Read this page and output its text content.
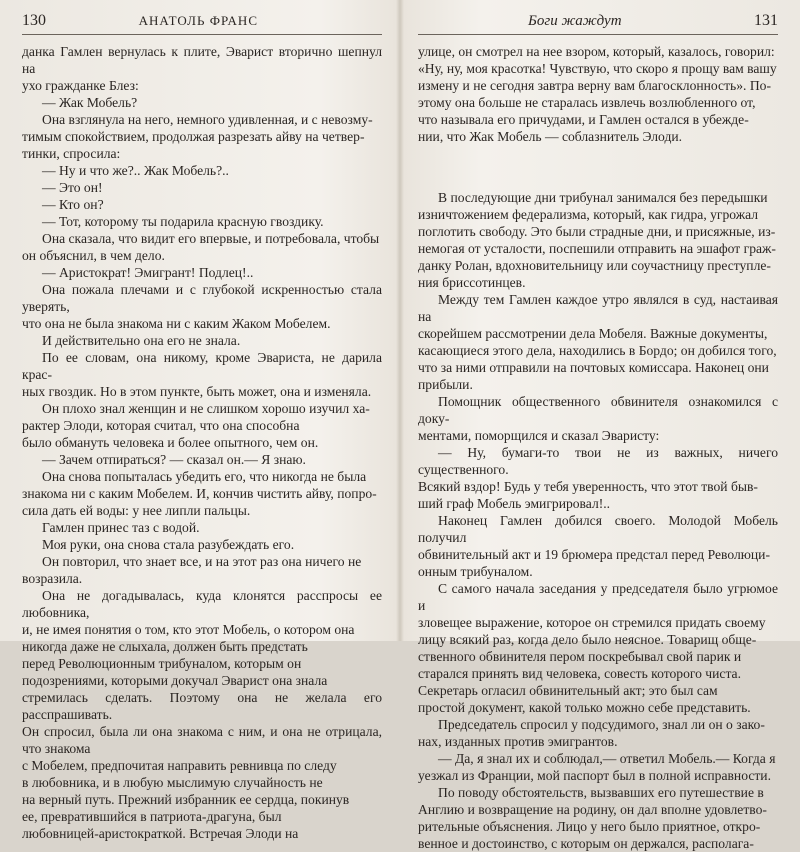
130	АНАТОЛЬ ФРАНС

данка Гамлен вернулась к плите, Эварист вторично шепнул на

ухо гражданке Блез:

— Жак Мобель?

Она взглянула на него, немного удивленная, и с невозму-

тимым спокойствием, продолжая разрезать айву на четвер-

тинки, спросила:

— Ну и что же?.. Жак Мобель?..

— Это он!

— Кто он?

— Тот, которому ты подарила красную гвоздику.

Она сказала, что видит его впервые, и потребовала, чтобы

он объяснил, в чем дело.

— Аристократ! Эмигрант! Подлец!..

Она пожала плечами и с глубокой искренностью стала уверять,

что она не была знакома ни с каким Жаком Мобелем.

И действительно она его не знала.

По ее словам, она никому, кроме Эвариста, не дарила крас-

ных гвоздик. Но в этом пункте, быть может, она и изменяла.

Он плохо знал женщин и не слишком хорошо изучил ха-

рактер Элоди, которая считал, что она способна

было обмануть человека и более опытного, чем он.

— Зачем отпираться? — сказал он.— Я знаю.

Она снова попыталась убедить его, что никогда не была

знакома ни с каким Мобелем. И, кончив чистить айву, попро-

сила дать ей воды: у нее липли пальцы.

Гамлен принес таз с водой.

Моя руки, она снова стала разубеждать его.

Он повторил, что знает все, и на этот раз она ничего не

возразила.

Она не догадывалась, куда клонятся расспросы ее любовника,

и, не имея понятия о том, кто этот Мобель, о котором она

никогда даже не слыхала, должен быть предстать

перед Революционным трибуналом, которым он

подозрениями, которыми докучал Эварист она знала

стремилась сделать. Поэтому она не желала его расспрашивать.

Он спросил, была ли она знакома с ним, и она не отрицала, что знакома

с Мобелем, предпочитая направить ревнивца по следу

в любовника, и в любую мыслимую случайность не

на верный путь. Прежний избранник ее сердца, покинув

ее, превратившийся в патриота-драгуна, был

любовницей-аристократкой. Встречая Элоди на

Боги жаждут	131

улице, он смотрел на нее взором, который, казалось, говорил:

«Ну, ну, моя красотка! Чувствую, что скоро я прощу вам вашу

измену и не сегодня завтра верну вам благосклонность». По-

этому она больше не старалась извлечь возлюбленного от,

что называла его причудами, и Гамлен остался в убежде-

нии, что Жак Мобель — соблазнитель Элоди.

В последующие дни трибунал занимался без передышки

изничтожением федерализма, который, как гидра, угрожал

поглотить свободу. Это были страдные дни, и присяжные, из-

немогая от усталости, поспешили отправить на эшафот граж-

данку Ролан, вдохновительницу или соучастницу преступле-

ния бриссотинцев.

Между тем Гамлен каждое утро являлся в суд, настаивая на

скорейшем рассмотрении дела Мобеля. Важные документы,

касающиеся этого дела, находились в Бордо; он добился того,

что за ними отправили на почтовых комиссара. Наконец они

прибыли.

Помощник общественного обвинителя ознакомился с доку-

ментами, поморщился и сказал Эваристу:

— Ну, бумаги-то твои не из важных, ничего существенного.

Всякий вздор! Будь у тебя уверенность, что этот твой быв-

ший граф Мобель эмигрировал!..

Наконец Гамлен добился своего. Молодой Мобель получил

обвинительный акт и 19 брюмера предстал перед Революци-

онным трибуналом.

С самого начала заседания у председателя было угрюмое и

зловещее выражение, которое он стремился придать своему

лицу всякий раз, когда дело было неясное. Товарищ обще-

ственного обвинителя пером поскребывал свой парик и

старался принять вид человека, совесть которого чиста.

Секретарь огласил обвинительный акт; это был сам

простой документ, какой только можно себе представить.

Председатель спросил у подсудимого, знал ли он о зако-

нах, изданных против эмигрантов.

— Да, я знал их и соблюдал,— ответил Мобель.— Когда я

уезжал из Франции, мой паспорт был в полной исправности.

По поводу обстоятельств, вызвавших его путешествие в

Англию и возвращение на родину, он дал вполне удовлетво-

рительные объяснения. Лицо у него было приятное, откро-

венное и достоинство, с которым он держался, располага-
